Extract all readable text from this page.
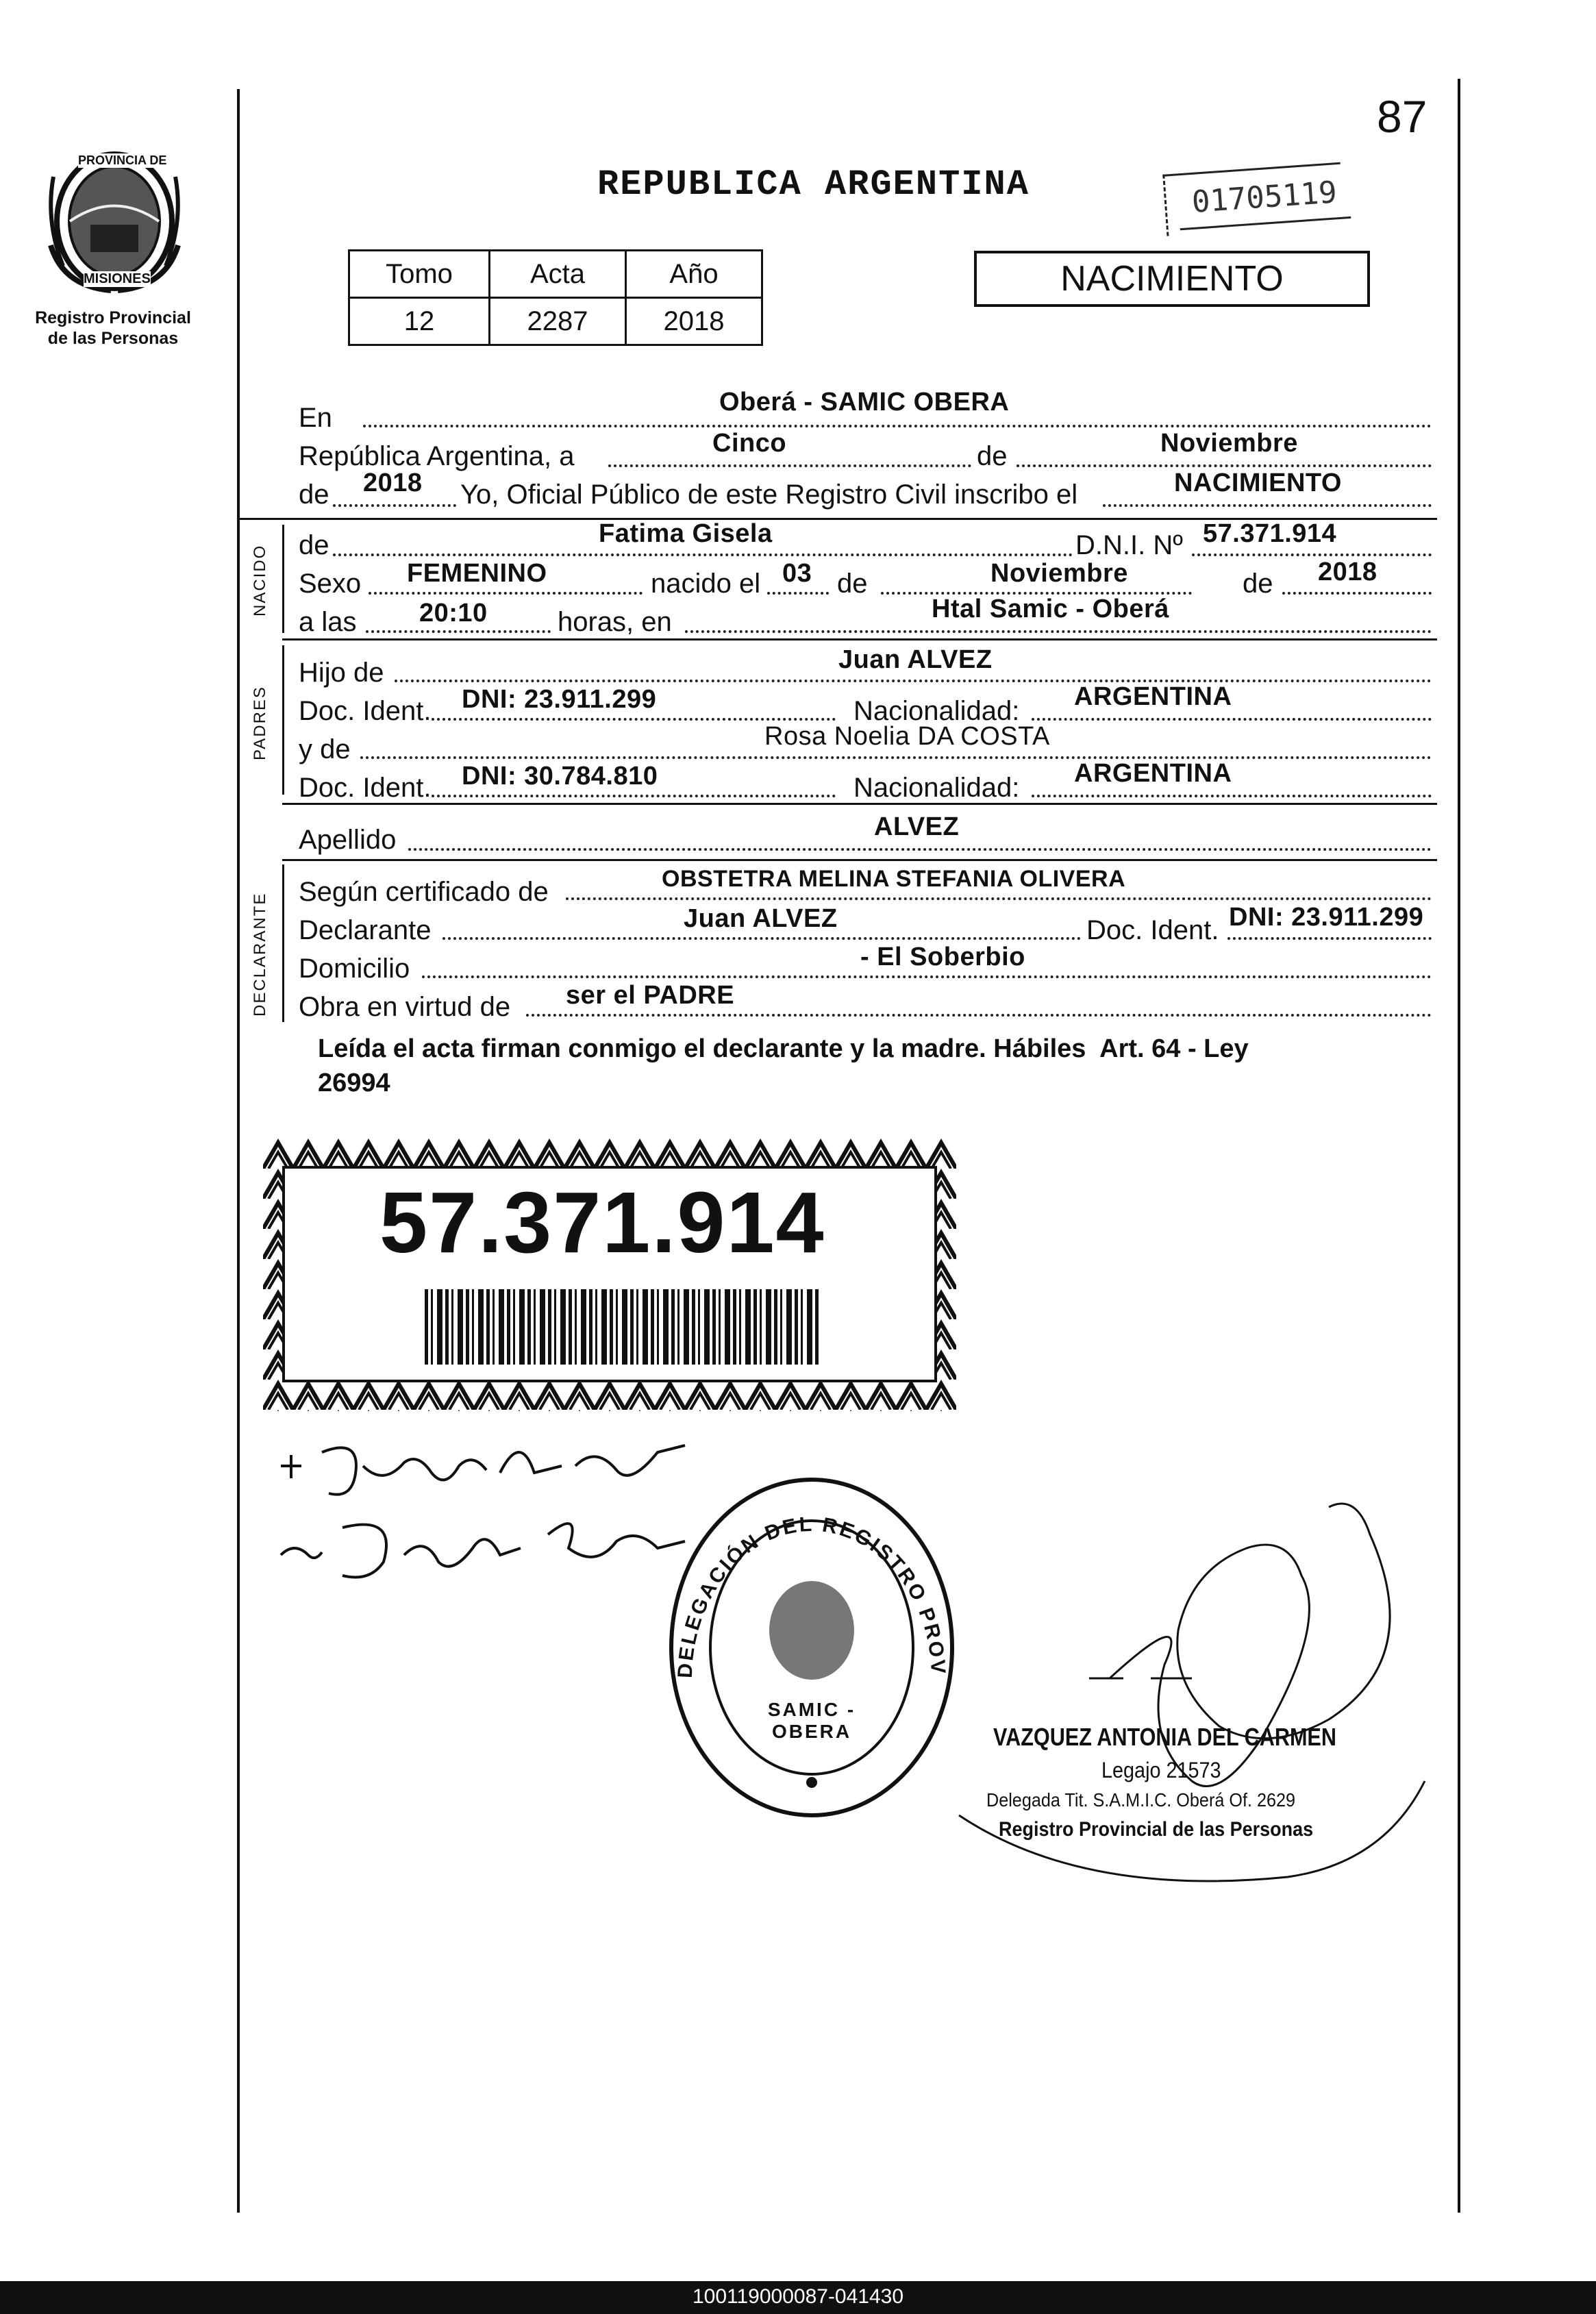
87
PROVINCIA DE
MISIONES
Registro Provincial
de las Personas
REPUBLICA ARGENTINA	01705119
Tomo	Acta	Año
12	2287	2018
NACIMIENTO
En
Oberá - SAMIC OBERA
República Argentina, a	Cinco	de	Noviembre
de 2018 Yo, Oficial Público de este Registro Civil inscribo el	NACIMIENTO
NACIDO de	Fatima Gisela	D.N.I. Nº 57.371.914
Sexo FEMENINO	nacido el 03 de	Noviembre	de 2018
a las 20:10	horas, en	Htal Samic - Oberá
PADRES
Hijo de	Juan ALVEZ
Doc. Ident. DNI: 23.911.299	Nacionalidad: ARGENTINA
y de	Rosa Noelia DA COSTA
Doc. Ident. DNI: 30.784.810	Nacionalidad: ARGENTINA
Apellido	ALVEZ
DECLARANTE
Según certificado de	OBSTETRA MELINA STEFANIA OLIVERA
Declarante	Juan ALVEZ	Doc. Ident. DNI: 23.911.299
Domicilio	- El Soberbio
Obra en virtud de ser el PADRE
Leída el acta firman conmigo el declarante y la madre. Hábiles  Art. 64 - Ley
26994
57.371.914
DELEGACIÓN DEL REGISTRO PROV
SAMIC - OBERA	VAZQUEZ ANTONIA DEL CARMEN
Legajo 21573
Delegada Tit. S.A.M.I.C. Oberá Of. 2629
Registro Provincial de las Personas
100119000087-041430
